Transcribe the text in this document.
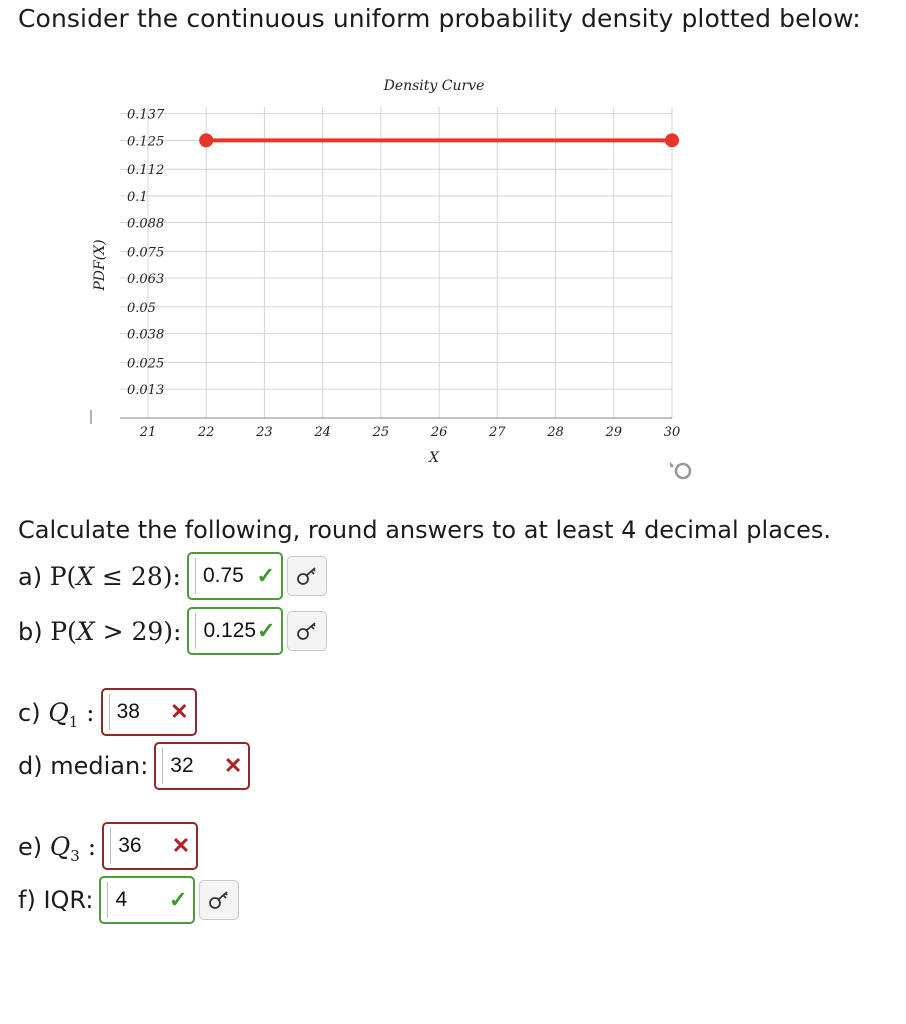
Consider the continuous uniform probability density plotted below:
21	22	23	24	25	26	27	28	29	30
0.013
0.025
0.038
0.05
0.063
0.075
0.088
0.1
0.112
0.125
0.137
Density Curve
X
PDF(X)
Calculate the following, round answers to at least 4 decimal places.
a) P(X ≤ 28): 0.75 ✓
b) P(X > 29): 0.125 ✓
c) $Q_1$ : 38 ✕
d) median: 32 ✕
e) $Q_3$ : 36 ✕
f) IQR: 4 ✓
